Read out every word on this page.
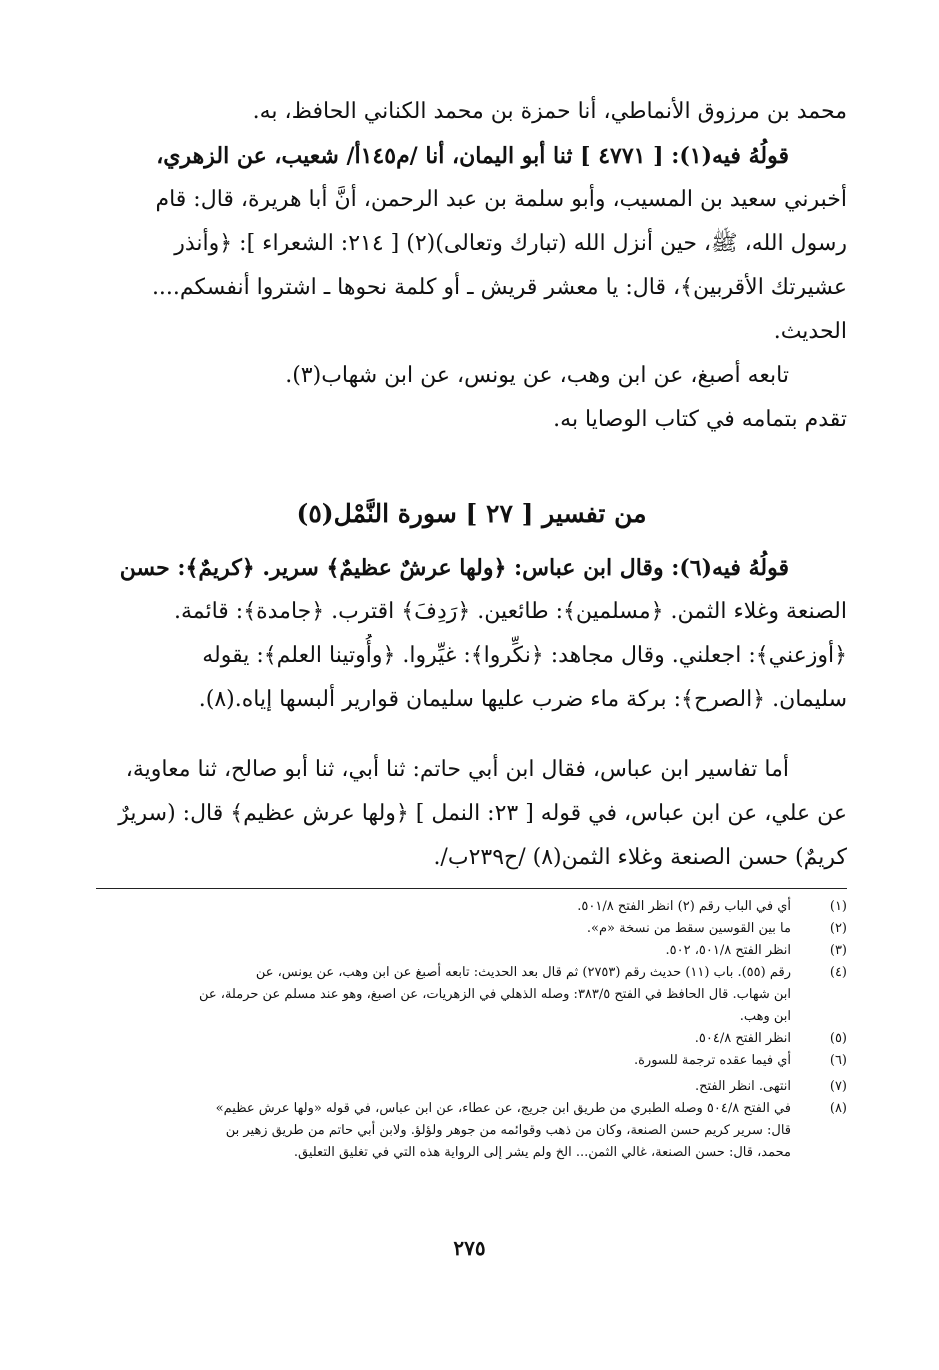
محمد بن مرزوق الأنماطي، أنا حمزة بن محمد الكناني الحافظ، به.
قولُهُ فيه(١): [ ٤٧٧١ ] ثنا أبو اليمان، أنا /م١٤٥أ/ شعيب، عن الزهري،
أخبرني سعيد بن المسيب، وأبو سلمة بن عبد الرحمن، أنَّ أبا هريرة، قال: قام
رسول الله، ﷺ، حين أنزل الله (تبارك وتعالى)(٢) [ ٢١٤: الشعراء ]: ﴿وأنذر
عشيرتك الأقربين﴾، قال: يا معشر قريش ـ أو كلمة نحوها ـ اشتروا أنفسكم....
الحديث.
تابعه أصبغ، عن ابن وهب، عن يونس، عن ابن شهاب(٣).
تقدم بتمامه في كتاب الوصايا به.
من تفسير [ ٢٧ ] سورة النَّمْل(٥)
قولُهُ فيه(٦): وقال ابن عباس: ﴿ولها عرشٌ عظيمٌ﴾ سرير. ﴿كريمٌ﴾: حسن
الصنعة وغلاء الثمن. ﴿مسلمين﴾: طائعين. ﴿رَدِفَ﴾ اقترب. ﴿جامدة﴾: قائمة.
﴿أوزعني﴾: اجعلني. وقال مجاهد: ﴿نكِّروا﴾: غيِّروا. ﴿وأُوتينا العلم﴾: يقوله
سليمان. ﴿الصرح﴾: بركة ماء ضرب عليها سليمان قوارير ألبسها إياه.(٨).
أما تفاسير ابن عباس، فقال ابن أبي حاتم: ثنا أبي، ثنا أبو صالح، ثنا معاوية،
عن علي، عن ابن عباس، في قوله [ ٢٣: النمل ] ﴿ولها عرش عظيم﴾ قال: (سريرٌ
كريمٌ) حسن الصنعة وغلاء الثمن(٨) /ح٢٣٩ب/.
(١)
أي في الباب رقم (٢) انظر الفتح ٥٠١/٨.
(٢)
ما بين القوسين سقط من نسخة «م».
(٣)
انظر الفتح ٥٠١/٨، ٥٠٢.
(٤)
رقم (٥٥). باب (١١) حديث رقم (٢٧٥٣) ثم قال بعد الحديث: تابعه أصبغ عن ابن وهب، عن يونس، عن
ابن شهاب. قال الحافظ في الفتح ٣٨٣/٥: وصله الذهلي في الزهريات، عن اصبغ، وهو عند مسلم عن حرملة، عن
ابن وهب.
(٥)
انظر الفتح ٥٠٤/٨.
(٦)
أي فيما عقده ترجمة للسورة.
(٧)
انتهى. انظر الفتح.
(٨)
في الفتح ٥٠٤/٨ وصله الطبري من طريق ابن جريج، عن عطاء، عن ابن عباس، في قوله «ولها عرش عظيم»
قال: سرير كريم حسن الصنعة، وكان من ذهب وقوائمه من جوهر ولؤلؤ. ولابن أبي حاتم من طريق زهير بن
محمد، قال: حسن الصنعة، غالي الثمن... الخ ولم يشر إلى الرواية هذه التي في تغليق التعليق.
٢٧٥
